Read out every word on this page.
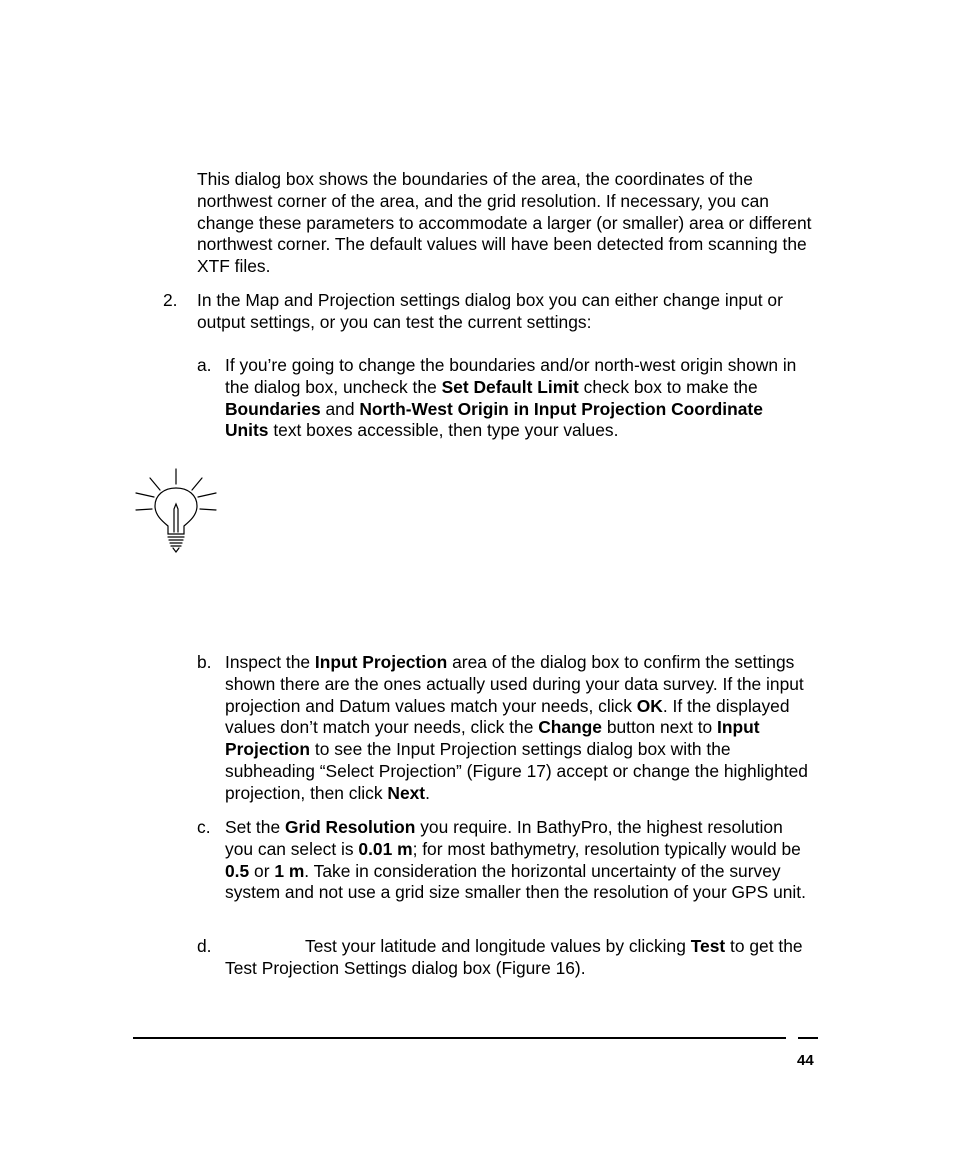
This dialog box shows the boundaries of the area, the coordinates of the northwest corner of the area, and the grid resolution. If necessary, you can change these parameters to accommodate a larger (or smaller) area or different northwest corner. The default values will have been detected from scanning the XTF files.

2. In the Map and Projection settings dialog box you can either change input or output settings, or you can test the current settings:

a. If you’re going to change the boundaries and/or north-west origin shown in the dialog box, uncheck the Set Default Limit check box to make the Boundaries and North-West Origin in Input Projection Coordinate Units text boxes accessible, then type your values.

b. Inspect the Input Projection area of the dialog box to confirm the settings shown there are the ones actually used during your data survey. If the input projection and Datum values match your needs, click OK. If the displayed values don’t match your needs, click the Change button next to Input Projection to see the Input Projection settings dialog box with the subheading “Select Projection” (Figure 17) accept or change the highlighted projection, then click Next.

c. Set the Grid Resolution you require. In BathyPro, the highest resolution you can select is 0.01 m; for most bathymetry, resolution typically would be 0.5 or 1 m. Take in consideration the horizontal uncertainty of the survey system and not use a grid size smaller then the resolution of your GPS unit.

d.	Test your latitude and longitude values by clicking Test to get the Test Projection Settings dialog box (Figure 16).

44
